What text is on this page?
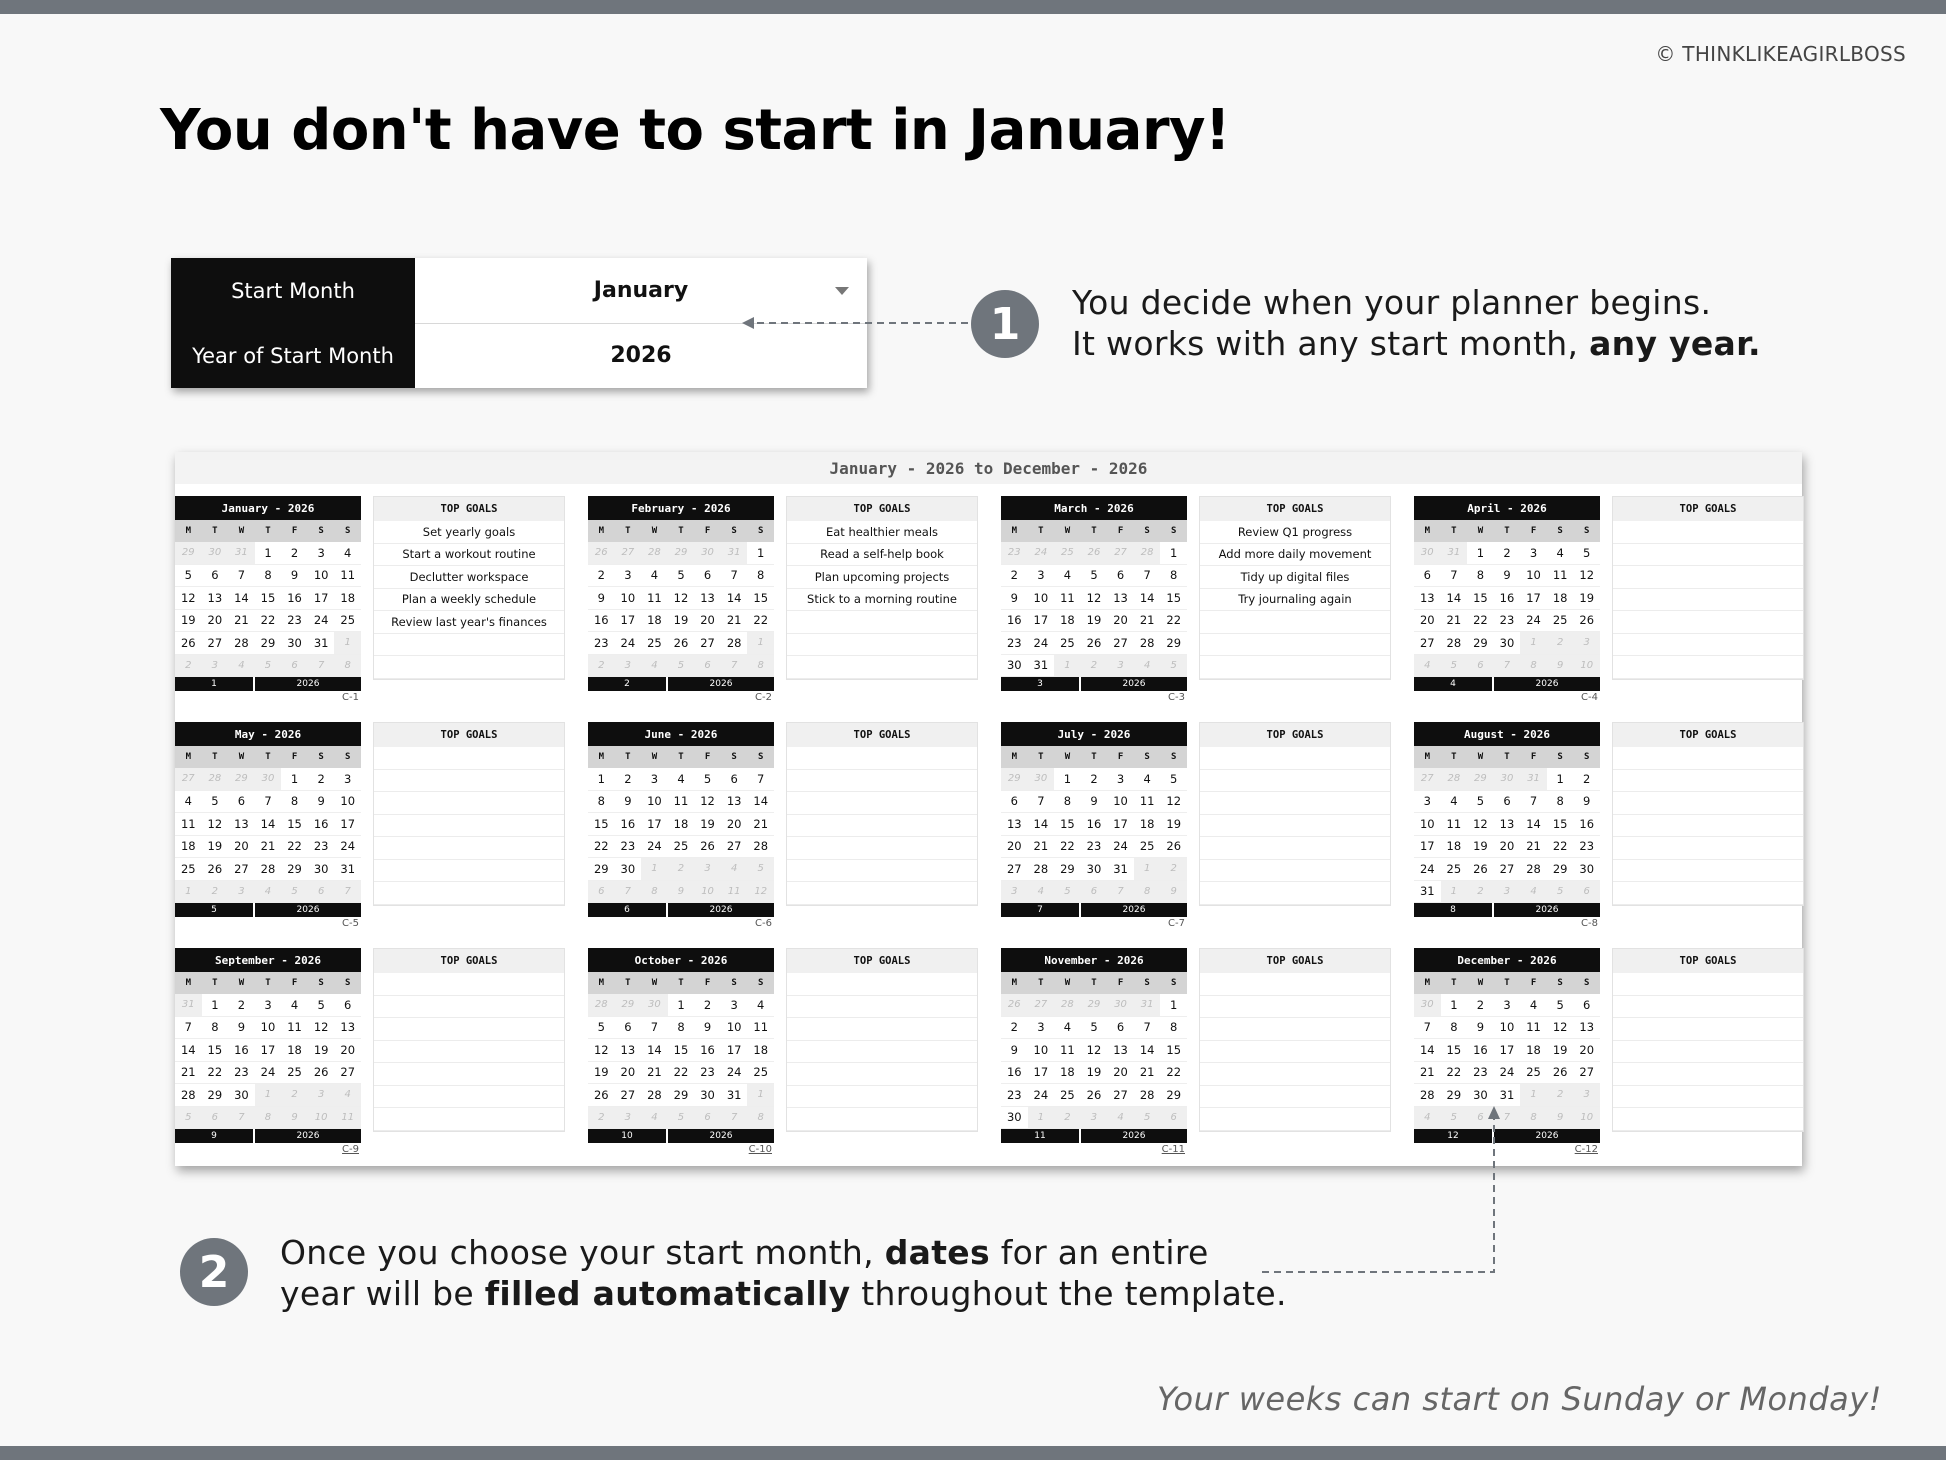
© THINKLIKEAGIRLBOSS
You don't have to start in January!
Start Month	January
Year of Start Month	2026
1	You decide when your planner begins.
It works with any start month, any year.
January - 2026 to December - 2026
January - 2026
M	T	W	T	F	S	S
29	30	31	1	2	3	4
5	6	7	8	9	10	11
12	13	14	15	16	17	18
19	20	21	22	23	24	25
26	27	28	29	30	31	1
2	3	4	5	6	7	8
1	2026
C-1
TOP GOALS
Set yearly goals
Start a workout routine
Declutter workspace
Plan a weekly schedule
Review last year's finances
February - 2026
M	T	W	T	F	S	S
26	27	28	29	30	31	1
2	3	4	5	6	7	8
9	10	11	12	13	14	15
16	17	18	19	20	21	22
23	24	25	26	27	28	1
2	3	4	5	6	7	8
2	2026
C-2
TOP GOALS
Eat healthier meals
Read a self-help book
Plan upcoming projects
Stick to a morning routine
March - 2026
M	T	W	T	F	S	S
23	24	25	26	27	28	1
2	3	4	5	6	7	8
9	10	11	12	13	14	15
16	17	18	19	20	21	22
23	24	25	26	27	28	29
30	31	1	2	3	4	5
3	2026
C-3
TOP GOALS
Review Q1 progress
Add more daily movement
Tidy up digital files
Try journaling again
April - 2026
M	T	W	T	F	S	S
30	31	1	2	3	4	5
6	7	8	9	10	11	12
13	14	15	16	17	18	19
20	21	22	23	24	25	26
27	28	29	30	1	2	3
4	5	6	7	8	9	10
4	2026
C-4
TOP GOALS
May - 2026
M	T	W	T	F	S	S
27	28	29	30	1	2	3
4	5	6	7	8	9	10
11	12	13	14	15	16	17
18	19	20	21	22	23	24
25	26	27	28	29	30	31
1	2	3	4	5	6	7
5	2026
C-5
TOP GOALS	June - 2026
M	T	W	T	F	S	S
1	2	3	4	5	6	7
8	9	10	11	12	13	14
15	16	17	18	19	20	21
22	23	24	25	26	27	28
29	30	1	2	3	4	5
6	7	8	9	10	11	12
6	2026
C-6
TOP GOALS	July - 2026
M	T	W	T	F	S	S
29	30	1	2	3	4	5
6	7	8	9	10	11	12
13	14	15	16	17	18	19
20	21	22	23	24	25	26
27	28	29	30	31	1	2
3	4	5	6	7	8	9
7	2026
C-7
TOP GOALS	August - 2026
M	T	W	T	F	S	S
27	28	29	30	31	1	2
3	4	5	6	7	8	9
10	11	12	13	14	15	16
17	18	19	20	21	22	23
24	25	26	27	28	29	30
31	1	2	3	4	5	6
8	2026
C-8
TOP GOALS
September - 2026
M	T	W	T	F	S	S
31	1	2	3	4	5	6
7	8	9	10	11	12	13
14	15	16	17	18	19	20
21	22	23	24	25	26	27
28	29	30	1	2	3	4
5	6	7	8	9	10	11
9	2026
C-9
TOP GOALS	October - 2026
M	T	W	T	F	S	S
28	29	30	1	2	3	4
5	6	7	8	9	10	11
12	13	14	15	16	17	18
19	20	21	22	23	24	25
26	27	28	29	30	31	1
2	3	4	5	6	7	8
10	2026
C-10
TOP GOALS	November - 2026
M	T	W	T	F	S	S
26	27	28	29	30	31	1
2	3	4	5	6	7	8
9	10	11	12	13	14	15
16	17	18	19	20	21	22
23	24	25	26	27	28	29
30	1	2	3	4	5	6
11	2026
C-11
TOP GOALS	December - 2026
M	T	W	T	F	S	S
30	1	2	3	4	5	6
7	8	9	10	11	12	13
14	15	16	17	18	19	20
21	22	23	24	25	26	27
28	29	30	31	1	2	3
4	5	6	7	8	9	10
12	2026
C-12
TOP GOALS
2	Once you choose your start month, dates for an entire
year will be filled automatically throughout the template.
Your weeks can start on Sunday or Monday!
